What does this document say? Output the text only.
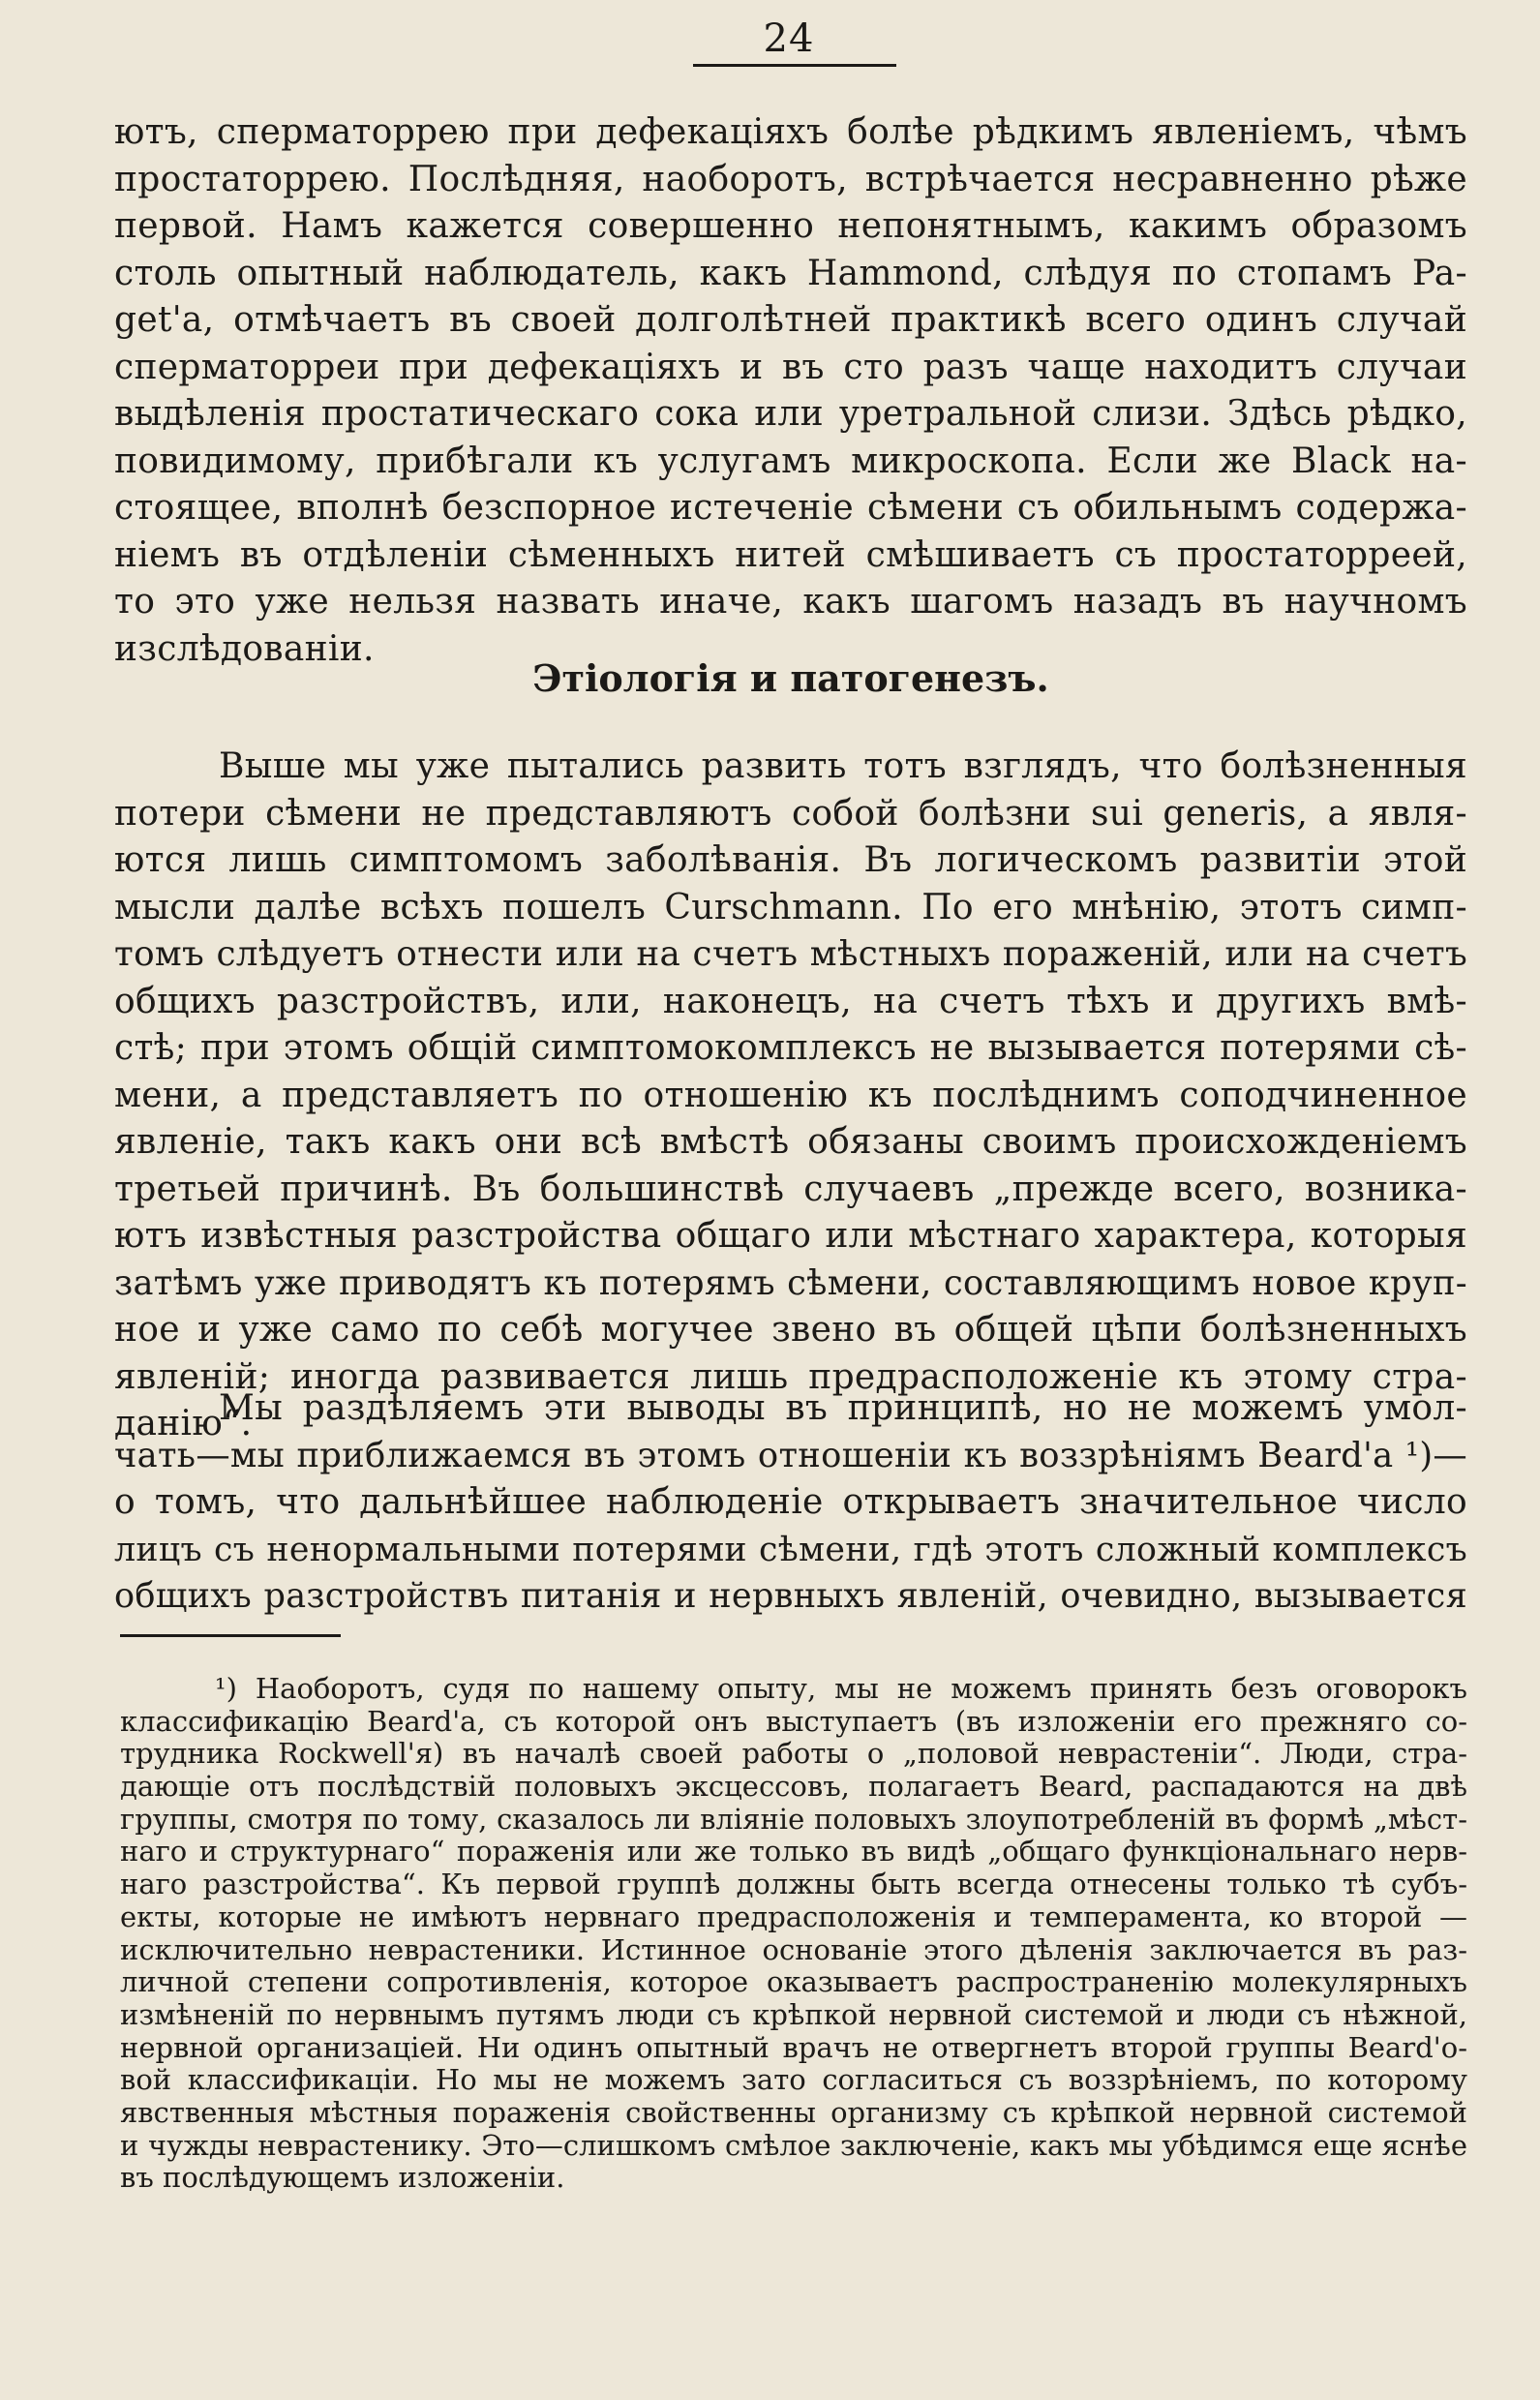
24
ютъ, сперматоррею при дефекаціяхъ болѣе рѣдкимъ явленіемъ, чѣмъ
простаторрею. Послѣдняя, наоборотъ, встрѣчается несравненно рѣже
первой. Намъ кажется совершенно непонятнымъ, какимъ образомъ
столь опытный наблюдатель, какъ Hammond, слѣдуя по стопамъ Pa-
get'а, отмѣчаетъ въ своей долголѣтней практикѣ всего одинъ случай
сперматорреи при дефекаціяхъ и въ сто разъ чаще находитъ случаи
выдѣленія простатическаго сока или уретральной слизи. Здѣсь рѣдко,
повидимому, прибѣгали къ услугамъ микроскопа. Если же Black на-
стоящее, вполнѣ безспорное истеченіе сѣмени съ обильнымъ содержа-
ніемъ въ отдѣленіи сѣменныхъ нитей смѣшиваетъ съ простаторреей,
то это уже нельзя назвать иначе, какъ шагомъ назадъ въ научномъ
изслѣдованіи.
Этіологія и патогенезъ.
Выше мы уже пытались развить тотъ взглядъ, что болѣзненныя
потери сѣмени не представляютъ собой болѣзни sui generis, а явля-
ются лишь симптомомъ заболѣванія. Въ логическомъ развитіи этой
мысли далѣе всѣхъ пошелъ Curschmann. По его мнѣнію, этотъ симп-
томъ слѣдуетъ отнести или на счетъ мѣстныхъ пораженій, или на счетъ
общихъ разстройствъ, или, наконецъ, на счетъ тѣхъ и другихъ вмѣ-
стѣ; при этомъ общій симптомокомплексъ не вызывается потерями сѣ-
мени, а представляетъ по отношенію къ послѣднимъ соподчиненное
явленіе, такъ какъ они всѣ вмѣстѣ обязаны своимъ происхожденіемъ
третьей причинѣ. Въ большинствѣ случаевъ „прежде всего, возника-
ютъ извѣстныя разстройства общаго или мѣстнаго характера, которыя
затѣмъ уже приводятъ къ потерямъ сѣмени, составляющимъ новое круп-
ное и уже само по себѣ могучее звено въ общей цѣпи болѣзненныхъ
явленій; иногда развивается лишь предрасположеніе къ этому стра-
данію“.
Мы раздѣляемъ эти выводы въ принципѣ, но не можемъ умол-
чать—мы приближаемся въ этомъ отношеніи къ воззрѣніямъ Beard'а ¹)—
о томъ, что дальнѣйшее наблюденіе открываетъ значительное число
лицъ съ ненормальными потерями сѣмени, гдѣ этотъ сложный комплексъ
общихъ разстройствъ питанія и нервныхъ явленій, очевидно, вызывается
¹) Наоборотъ, судя по нашему опыту, мы не можемъ принять безъ оговорокъ
классификацію Beard'а, съ которой онъ выступаетъ (въ изложеніи его прежняго со-
трудника Rockwell'я) въ началѣ своей работы о „половой неврастеніи“. Люди, стра-
дающіе отъ послѣдствій половыхъ эксцессовъ, полагаетъ Beard, распадаются на двѣ
группы, смотря по тому, сказалось ли вліяніе половыхъ злоупотребленій въ формѣ „мѣст-
наго и структурнаго“ пораженія или же только въ видѣ „общаго функціональнаго нерв-
наго разстройства“. Къ первой группѣ должны быть всегда отнесены только тѣ субъ-
екты, которые не имѣютъ нервнаго предрасположенія и темперамента, ко второй —
исключительно неврастеники. Истинное основаніе этого дѣленія заключается въ раз-
личной степени сопротивленія, которое оказываетъ распространенію молекулярныхъ
измѣненій по нервнымъ путямъ люди съ крѣпкой нервной системой и люди съ нѣжной,
нервной организаціей. Ни одинъ опытный врачъ не отвергнетъ второй группы Beard'о-
вой классификаціи. Но мы не можемъ зато согласиться съ воззрѣніемъ, по которому
явственныя мѣстныя пораженія свойственны организму съ крѣпкой нервной системой
и чужды неврастенику. Это—слишкомъ смѣлое заключеніе, какъ мы убѣдимся еще яснѣе
въ послѣдующемъ изложеніи.
